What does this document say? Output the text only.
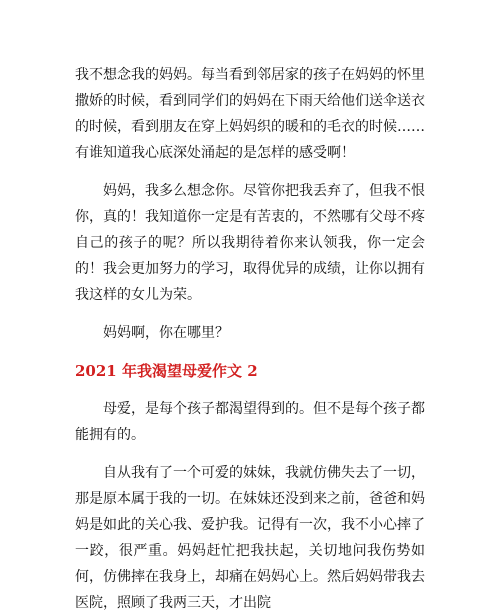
我不想念我的妈妈。每当看到邻居家的孩子在妈妈的怀里撒娇的时候，看到同学们的妈妈在下雨天给他们送伞送衣的时候，看到朋友在穿上妈妈织的暖和的毛衣的时候……有谁知道我心底深处涌起的是怎样的感受啊！

妈妈，我多么想念你。尽管你把我丢弃了，但我不恨你，真的！我知道你一定是有苦衷的，不然哪有父母不疼自己的孩子的呢？所以我期待着你来认领我，你一定会的！我会更加努力的学习，取得优异的成绩，让你以拥有我这样的女儿为荣。

妈妈啊，你在哪里？

2021 年我渴望母爱作文 2

母爱，是每个孩子都渴望得到的。但不是每个孩子都能拥有的。

自从我有了一个可爱的妹妹，我就仿佛失去了一切，那是原本属于我的一切。在妹妹还没到来之前，爸爸和妈妈是如此的关心我、爱护我。记得有一次，我不小心摔了一跤，很严重。妈妈赶忙把我扶起，关切地问我伤势如何，仿佛摔在我身上，却痛在妈妈心上。然后妈妈带我去医院，照顾了我两三天，才出院
